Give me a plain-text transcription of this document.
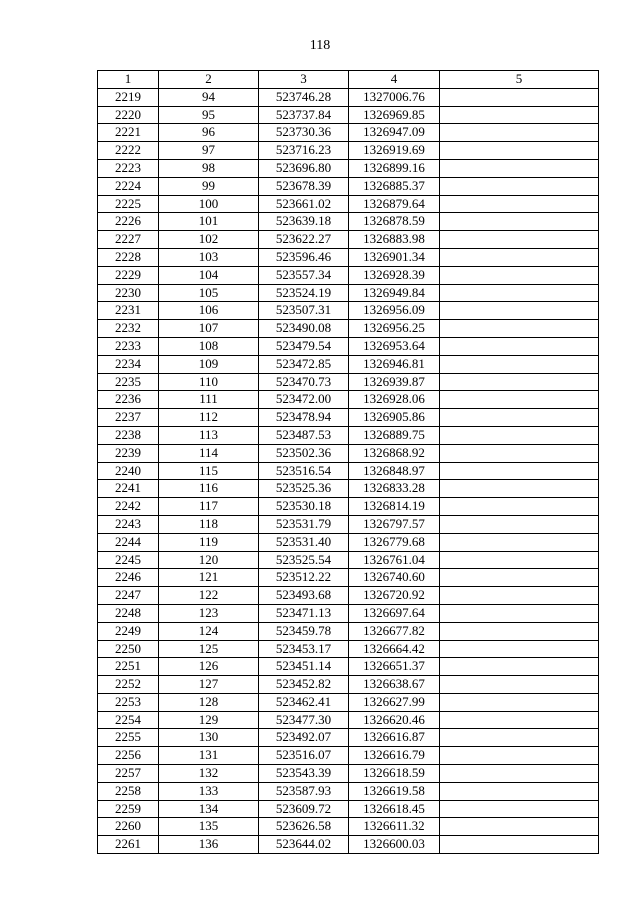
118
1	2	3	4	5
2219	94	523746.28	1327006.76	
2220	95	523737.84	1326969.85	
2221	96	523730.36	1326947.09	
2222	97	523716.23	1326919.69	
2223	98	523696.80	1326899.16	
2224	99	523678.39	1326885.37	
2225	100	523661.02	1326879.64	
2226	101	523639.18	1326878.59	
2227	102	523622.27	1326883.98	
2228	103	523596.46	1326901.34	
2229	104	523557.34	1326928.39	
2230	105	523524.19	1326949.84	
2231	106	523507.31	1326956.09	
2232	107	523490.08	1326956.25	
2233	108	523479.54	1326953.64	
2234	109	523472.85	1326946.81	
2235	110	523470.73	1326939.87	
2236	111	523472.00	1326928.06	
2237	112	523478.94	1326905.86	
2238	113	523487.53	1326889.75	
2239	114	523502.36	1326868.92	
2240	115	523516.54	1326848.97	
2241	116	523525.36	1326833.28	
2242	117	523530.18	1326814.19	
2243	118	523531.79	1326797.57	
2244	119	523531.40	1326779.68	
2245	120	523525.54	1326761.04	
2246	121	523512.22	1326740.60	
2247	122	523493.68	1326720.92	
2248	123	523471.13	1326697.64	
2249	124	523459.78	1326677.82	
2250	125	523453.17	1326664.42	
2251	126	523451.14	1326651.37	
2252	127	523452.82	1326638.67	
2253	128	523462.41	1326627.99	
2254	129	523477.30	1326620.46	
2255	130	523492.07	1326616.87	
2256	131	523516.07	1326616.79	
2257	132	523543.39	1326618.59	
2258	133	523587.93	1326619.58	
2259	134	523609.72	1326618.45	
2260	135	523626.58	1326611.32	
2261	136	523644.02	1326600.03	
